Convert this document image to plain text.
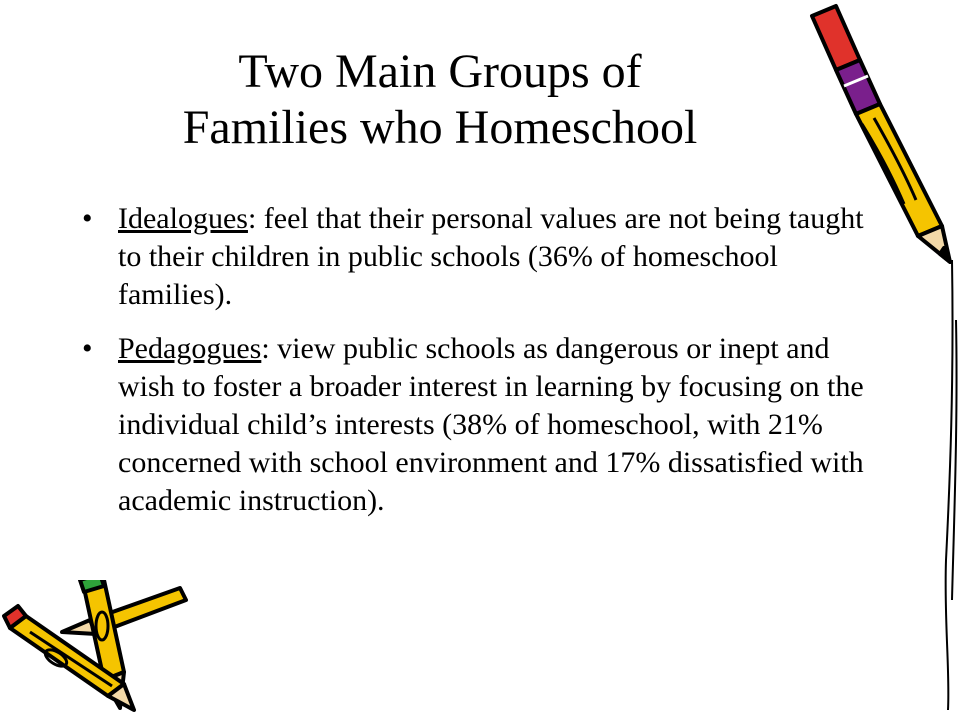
Two Main Groups of
Families who Homeschool
• Idealogues: feel that their personal values are not being taught to their children in public schools (36% of homeschool families).
• Pedagogues: view public schools as dangerous or inept and wish to foster a broader interest in learning by focusing on the individual child’s interests (38% of homeschool, with 21% concerned with school environment and 17% dissatisfied with academic instruction).
